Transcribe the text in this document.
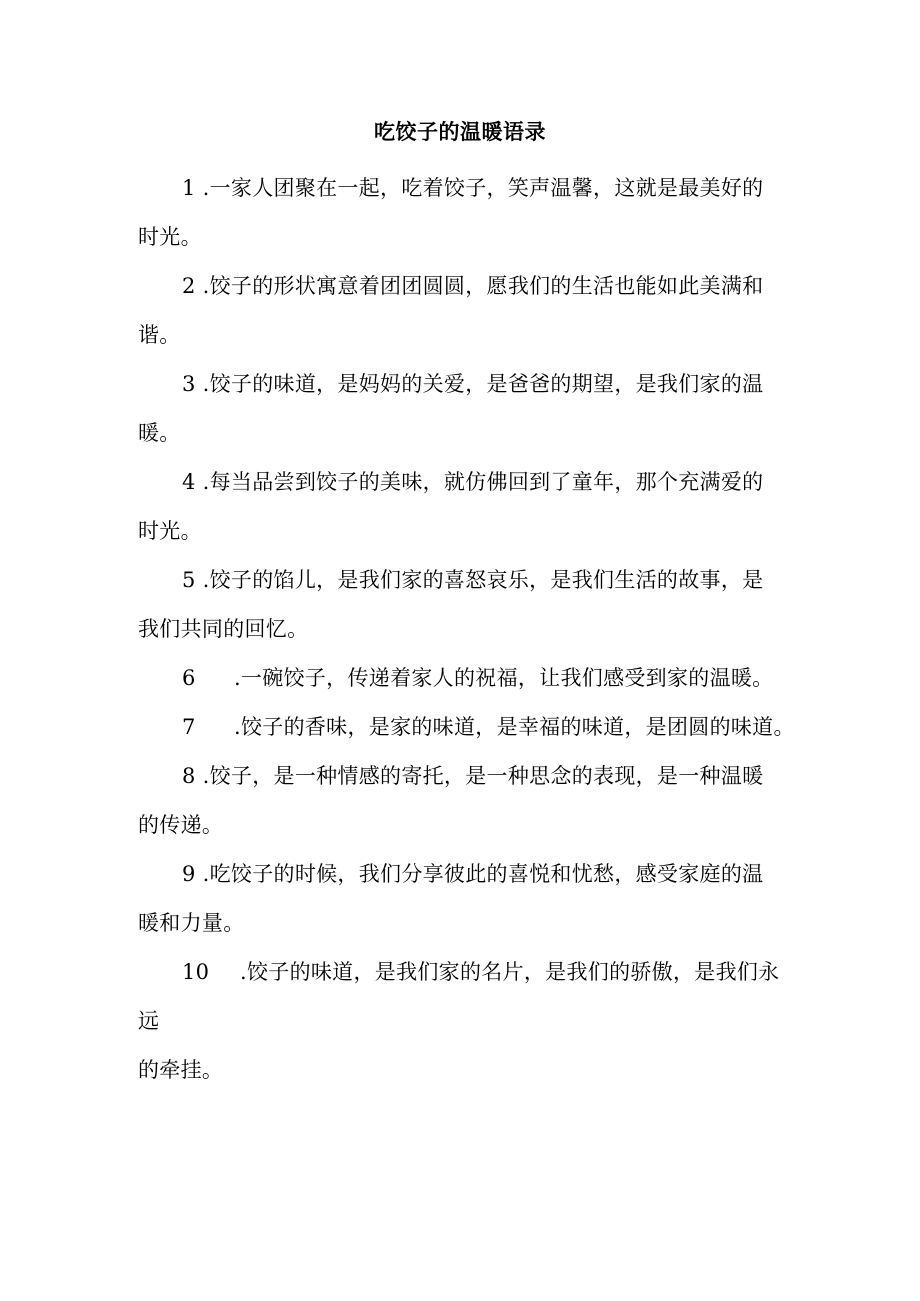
吃饺子的温暖语录
1 .一家人团聚在一起，吃着饺子，笑声温馨，这就是最美好的
时光。
2 .饺子的形状寓意着团团圆圆，愿我们的生活也能如此美满和
谐。
3 .饺子的味道，是妈妈的关爱，是爸爸的期望，是我们家的温
暖。
4 .每当品尝到饺子的美味，就仿佛回到了童年，那个充满爱的
时光。
5 .饺子的馅儿，是我们家的喜怒哀乐，是我们生活的故事，是
我们共同的回忆。
6 .一碗饺子，传递着家人的祝福，让我们感受到家的温暖。
7 .饺子的香味，是家的味道，是幸福的味道，是团圆的味道。
8 .饺子，是一种情感的寄托，是一种思念的表现，是一种温暖
的传递。
9 .吃饺子的时候，我们分享彼此的喜悦和忧愁，感受家庭的温
暖和力量。
10 .饺子的味道，是我们家的名片，是我们的骄傲，是我们永
远
的牵挂。
